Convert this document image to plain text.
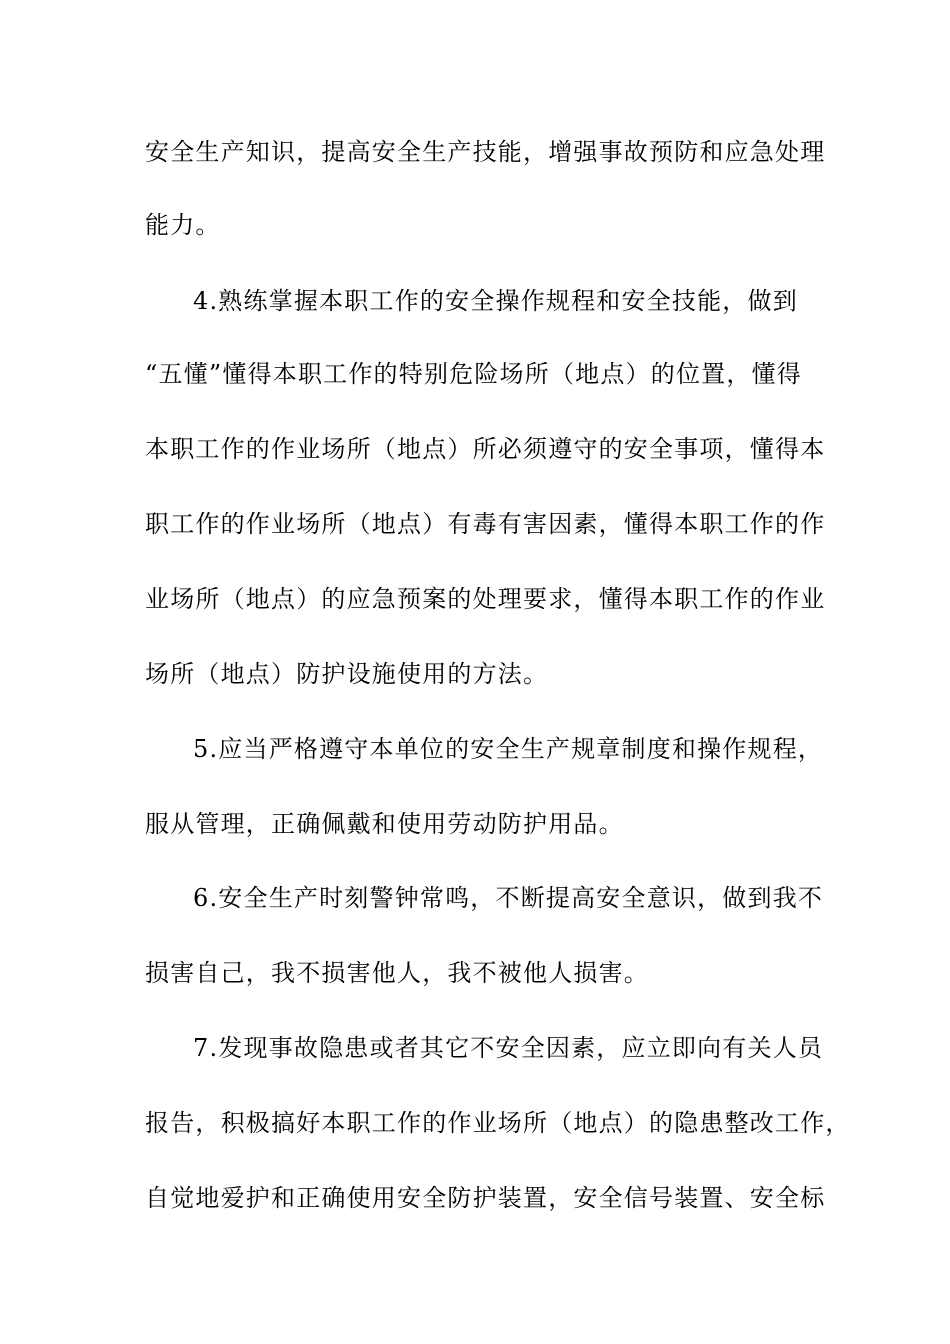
安全生产知识，提高安全生产技能，增强事故预防和应急处理
能力。
4.熟练掌握本职工作的安全操作规程和安全技能，做到
“五懂”懂得本职工作的特别危险场所（地点）的位置，懂得
本职工作的作业场所（地点）所必须遵守的安全事项，懂得本
职工作的作业场所（地点）有毒有害因素，懂得本职工作的作
业场所（地点）的应急预案的处理要求，懂得本职工作的作业
场所（地点）防护设施使用的方法。
5.应当严格遵守本单位的安全生产规章制度和操作规程，
服从管理，正确佩戴和使用劳动防护用品。
6.安全生产时刻警钟常鸣，不断提高安全意识，做到我不
损害自己，我不损害他人，我不被他人损害。
7.发现事故隐患或者其它不安全因素，应立即向有关人员
报告，积极搞好本职工作的作业场所（地点）的隐患整改工作，
自觉地爱护和正确使用安全防护装置，安全信号装置、安全标
